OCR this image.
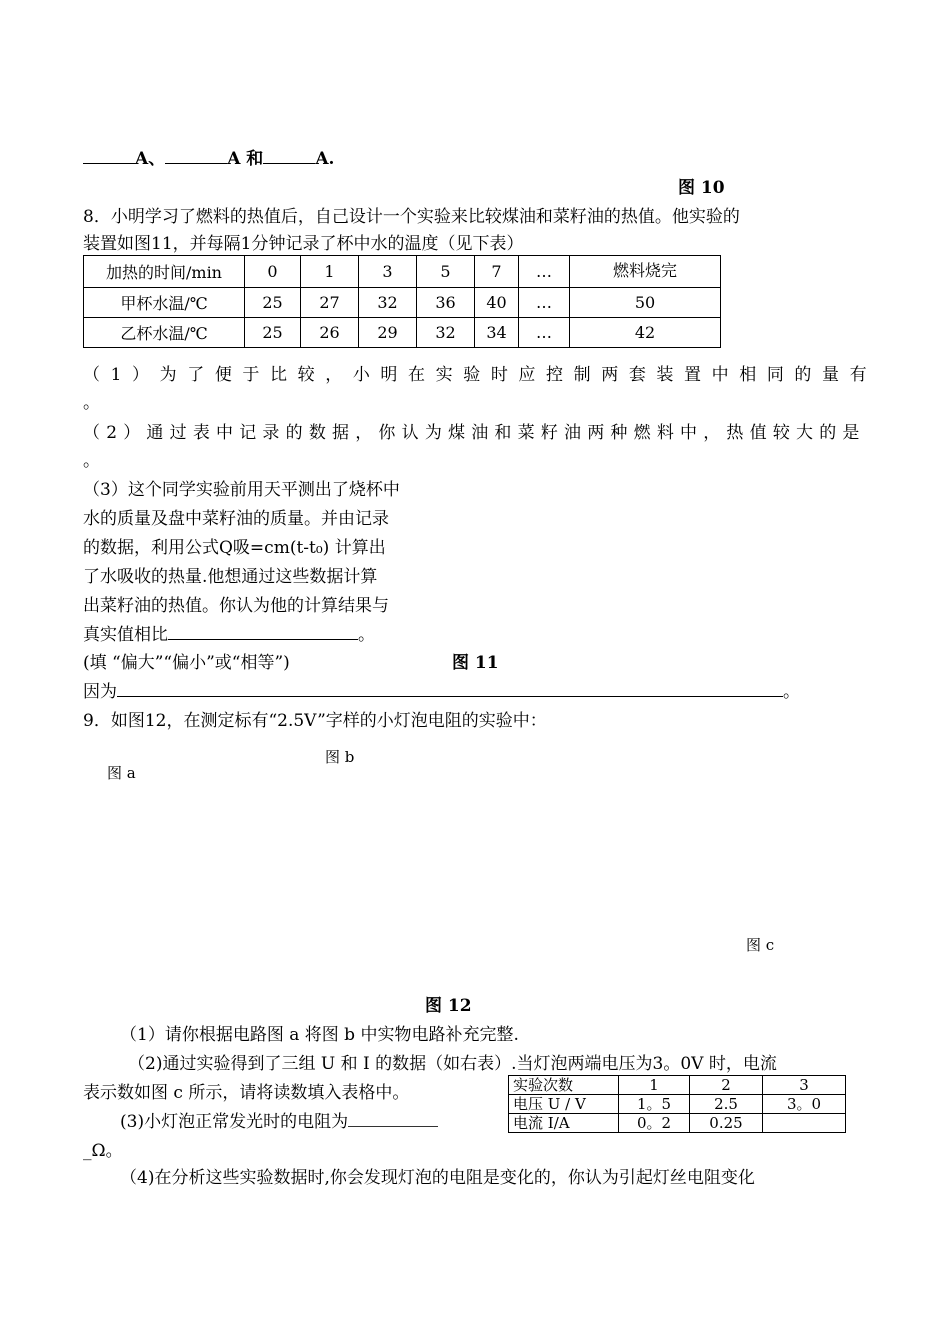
A、	A 和	A.
图 10
8．小明学习了燃料的热值后，自己设计一个实验来比较煤油和菜籽油的热值。他实验的
装置如图11，并每隔1分钟记录了杯中水的温度（见下表）
加热的时间/min	0	1	3	5	7	…	燃料烧完
甲杯水温/℃	25	27	32	36	40	…	50
乙杯水温/℃	25	26	29	32	34	…	42
（1）为了便于比较，小明在实验时应控制两套装置中相同的量有
。
（2）通过表中记录的数据，你认为煤油和菜籽油两种燃料中，热值较大的是
。
（3）这个同学实验前用天平测出了烧杯中
水的质量及盘中菜籽油的质量。并由记录
的数据，利用公式Q吸=cm(t-t₀) 计算出
了水吸收的热量.他想通过这些数据计算
出菜籽油的热值。你认为他的计算结果与
真实值相比	。
(填 “偏大”“偏小”或“相等”)	图 11
因为	。
9．如图12，在测定标有“2.5V”字样的小灯泡电阻的实验中：
图 b
图 a
图 c
图 12
（1）请你根据电路图 a 将图 b 中实物电路补充完整.
（2)通过实验得到了三组 U 和 I 的数据（如右表）.当灯泡两端电压为3。0V 时，电流
表示数如图 c 所示，请将读数填入表格中。
(3)小灯泡正常发光时的电阻为
_Ω。
（4)在分析这些实验数据时,你会发现灯泡的电阻是变化的，你认为引起灯丝电阻变化
实验次数	1	2	3
电压 U / V	1。5	2.5	3。0
电流 I/A	0。2	0.25	
